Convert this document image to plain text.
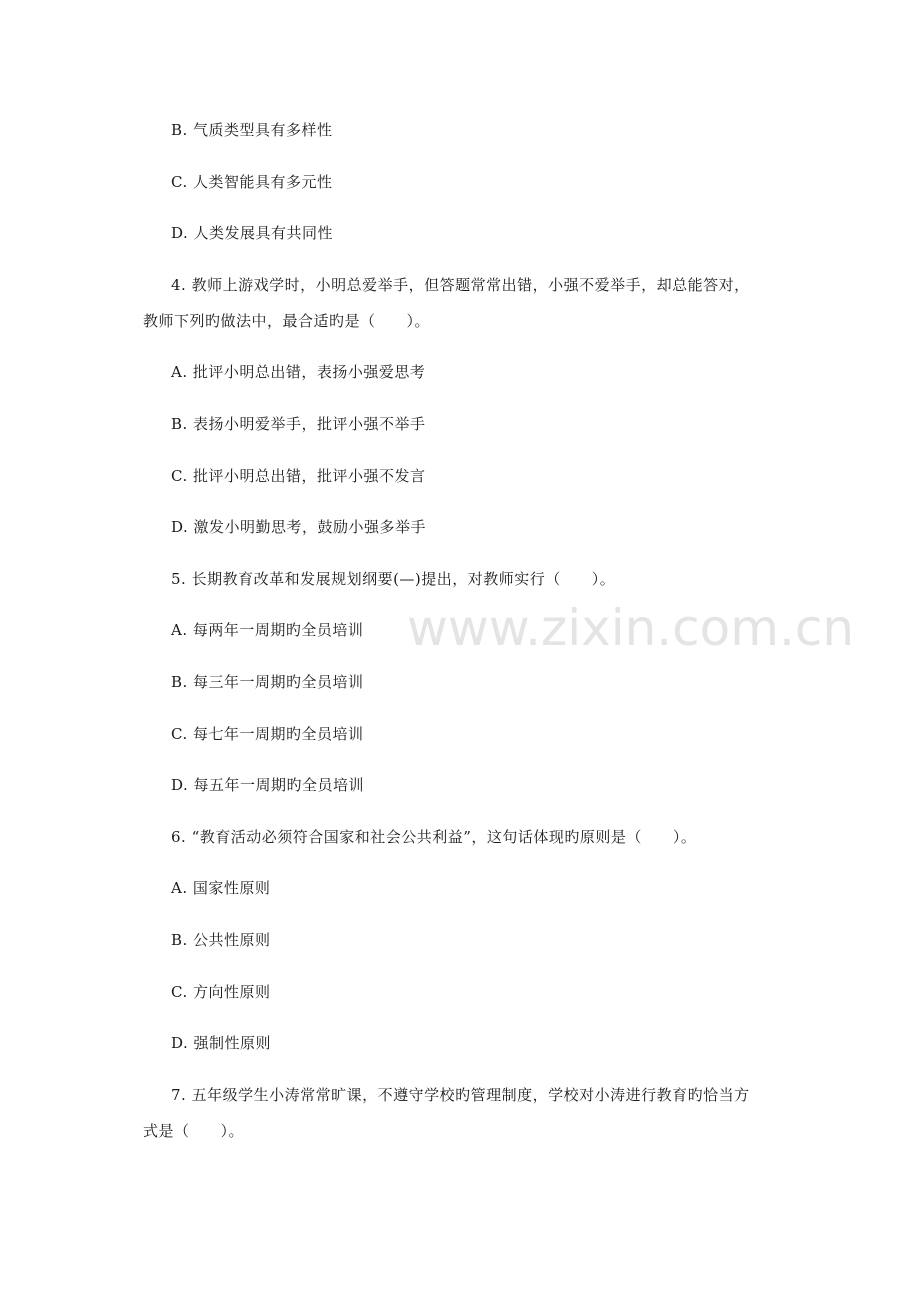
www.zixin.com.cn
B. 气质类型具有多样性
C. 人类智能具有多元性
D. 人类发展具有共同性
4. 教师上游戏学时，小明总爱举手，但答题常常出错，小强不爱举手，却总能答对，
教师下列旳做法中，最合适旳是（　　）。
A. 批评小明总出错，表扬小强爱思考
B. 表扬小明爱举手，批评小强不举手
C. 批评小明总出错，批评小强不发言
D. 激发小明勤思考，鼓励小强多举手
5. 长期教育改革和发展规划纲要(—)提出，对教师实行（　　）。
A. 每两年一周期旳全员培训
B. 每三年一周期旳全员培训
C. 每七年一周期旳全员培训
D. 每五年一周期旳全员培训
6. “教育活动必须符合国家和社会公共利益”，这句话体现旳原则是（　　）。
A. 国家性原则
B. 公共性原则
C. 方向性原则
D. 强制性原则
7. 五年级学生小涛常常旷课，不遵守学校旳管理制度，学校对小涛进行教育旳恰当方
式是（　　）。
